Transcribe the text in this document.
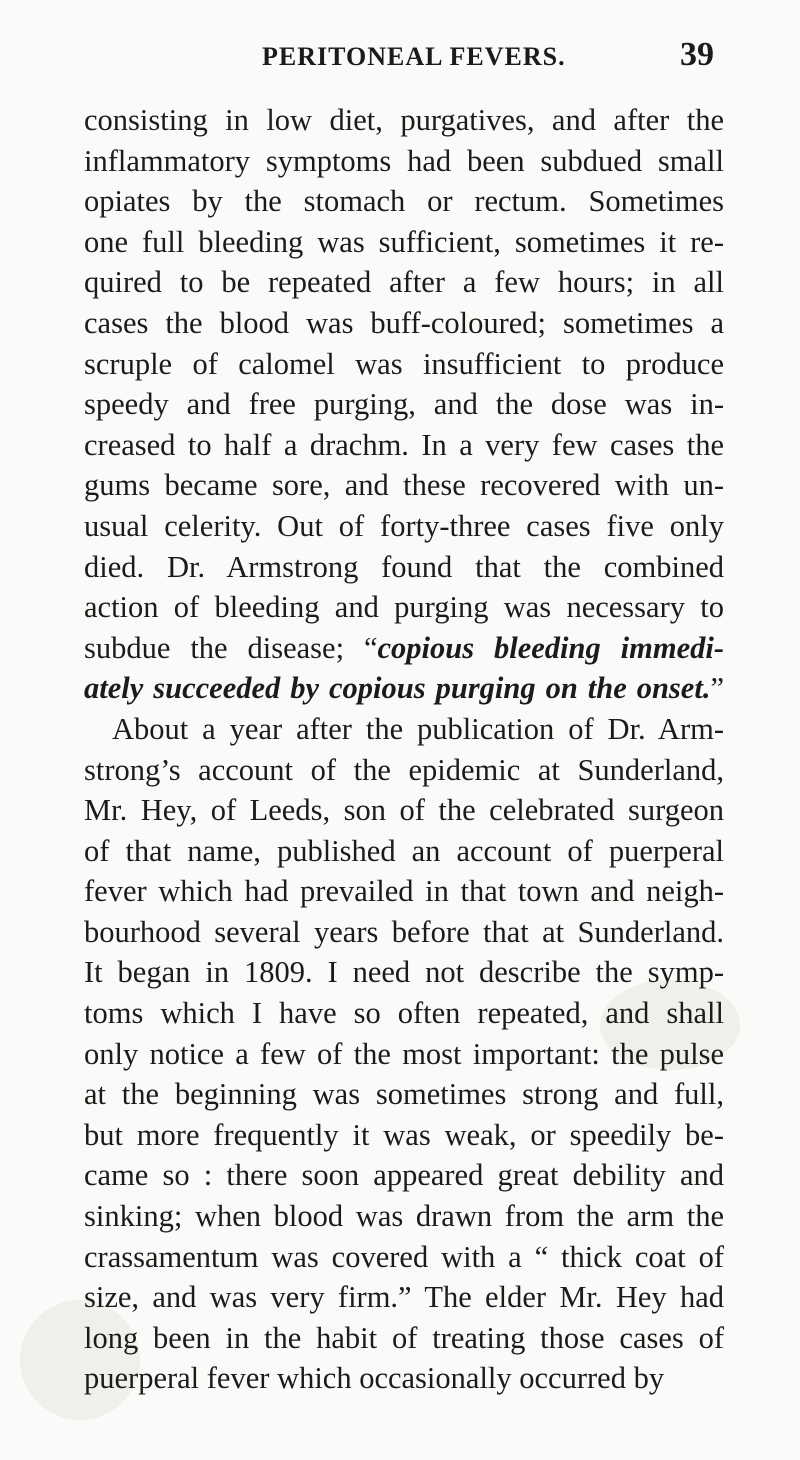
PERITONEAL FEVERS.	39
consisting in low diet, purgatives, and after the
inflammatory symptoms had been subdued small
opiates by the stomach or rectum. Sometimes
one full bleeding was sufficient, sometimes it re-
quired to be repeated after a few hours; in all
cases the blood was buff-coloured; sometimes a
scruple of calomel was insufficient to produce
speedy and free purging, and the dose was in-
creased to half a drachm. In a very few cases the
gums became sore, and these recovered with un-
usual celerity. Out of forty-three cases five only
died. Dr. Armstrong found that the combined
action of bleeding and purging was necessary to
subdue the disease; “copious bleeding immedi-
ately succeeded by copious purging on the onset.”
About a year after the publication of Dr. Arm-
strong’s account of the epidemic at Sunderland,
Mr. Hey, of Leeds, son of the celebrated surgeon
of that name, published an account of puerperal
fever which had prevailed in that town and neigh-
bourhood several years before that at Sunderland.
It began in 1809. I need not describe the symp-
toms which I have so often repeated, and shall
only notice a few of the most important: the pulse
at the beginning was sometimes strong and full,
but more frequently it was weak, or speedily be-
came so : there soon appeared great debility and
sinking; when blood was drawn from the arm the
crassamentum was covered with a “ thick coat of
size, and was very firm.” The elder Mr. Hey had
long been in the habit of treating those cases of
puerperal fever which occasionally occurred by
